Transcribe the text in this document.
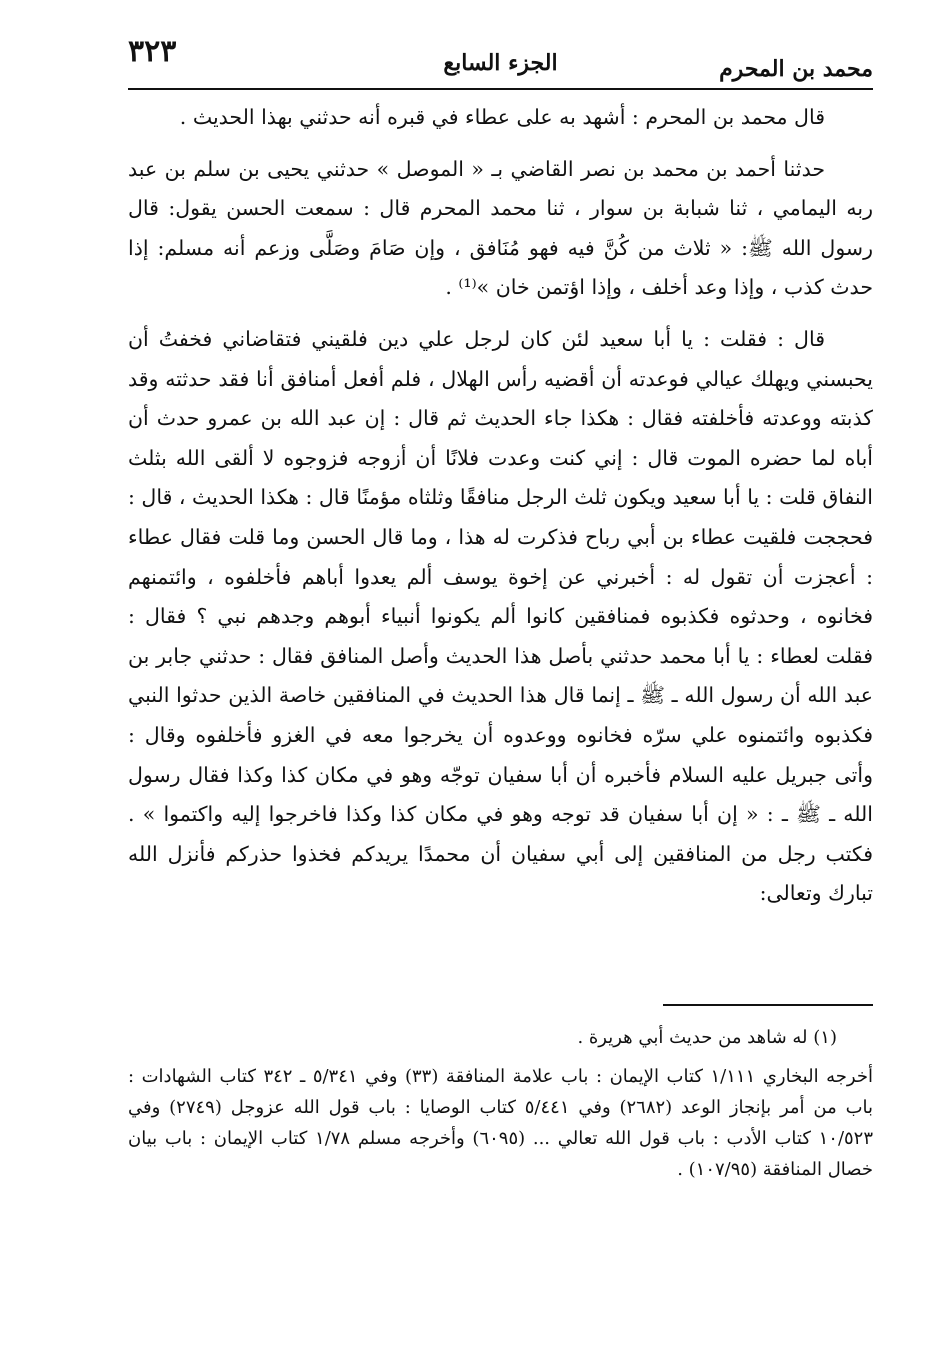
محمد بن المحرم
الجزء السابع
٣٢٣

قال محمد بن المحرم : أشهد به على عطاء في قبره أنه حدثني بهذا الحديث .

حدثنا أحمد بن محمد بن نصر القاضي بـ « الموصل » حدثني يحيى بن سلم بن عبد ربه اليمامي ، ثنا شبابة بن سوار ، ثنا محمد المحرم قال : سمعت الحسن يقول: قال رسول الله ﷺ: « ثلاث من كُنَّ فيه فهو مُنَافق ، وإن صَامَ وصَلَّى وزعم أنه مسلم: إذا حدث كذب ، وإذا وعد أخلف ، وإذا اؤتمن خان »⁽¹⁾ .

قال : فقلت : يا أبا سعيد لئن كان لرجل علي دين فلقيني فتقاضاني فخفتُ أن يحبسني ويهلك عيالي فوعدته أن أقضيه رأس الهلال ، فلم أفعل أمنافق أنا فقد حدثته وقد كذبته ووعدته فأخلفته فقال : هكذا جاء الحديث ثم قال : إن عبد الله بن عمرو حدث أن أباه لما حضره الموت قال : إني كنت وعدت فلانًا أن أزوجه فزوجوه لا ألقى الله بثلث النفاق قلت : يا أبا سعيد ويكون ثلث الرجل منافقًا وثلثاه مؤمنًا قال : هكذا الحديث ، قال : فحججت فلقيت عطاء بن أبي رباح فذكرت له هذا ، وما قال الحسن وما قلت فقال عطاء : أعجزت أن تقول له : أخبرني عن إخوة يوسف ألم يعدوا أباهم فأخلفوه ، وائتمنهم فخانوه ، وحدثوه فكذبوه فمنافقين كانوا ألم يكونوا أنبياء أبوهم وجدهم نبي ؟ فقال : فقلت لعطاء : يا أبا محمد حدثني بأصل هذا الحديث وأصل المنافق فقال : حدثني جابر بن عبد الله أن رسول الله ـ ﷺ ـ إنما قال هذا الحديث في المنافقين خاصة الذين حدثوا النبي فكذبوه وائتمنوه علي سرّه فخانوه ووعدوه أن يخرجوا معه في الغزو فأخلفوه وقال : وأتى جبريل عليه السلام فأخبره أن أبا سفيان توجّه وهو في مكان كذا وكذا فقال رسول الله ـ ﷺ ـ : « إن أبا سفيان قد توجه وهو في مكان كذا وكذا فاخرجوا إليه واكتموا » . فكتب رجل من المنافقين إلى أبي سفيان أن محمدًا يريدكم فخذوا حذركم فأنزل الله تبارك وتعالى:

(١) له شاهد من حديث أبي هريرة .

أخرجه البخاري ١/١١١ كتاب الإيمان : باب علامة المنافقة (٣٣) وفي ٥/٣٤١ ـ ٣٤٢ كتاب الشهادات : باب من أمر بإنجاز الوعد (٢٦٨٢) وفي ٥/٤٤١ كتاب الوصايا : باب قول الله عزوجل (٢٧٤٩) وفي ١٠/٥٢٣ كتاب الأدب : باب قول الله تعالي ... (٦٠٩٥) وأخرجه مسلم ١/٧٨ كتاب الإيمان : باب بيان خصال المنافقة (١٠٧/٩٥) .
